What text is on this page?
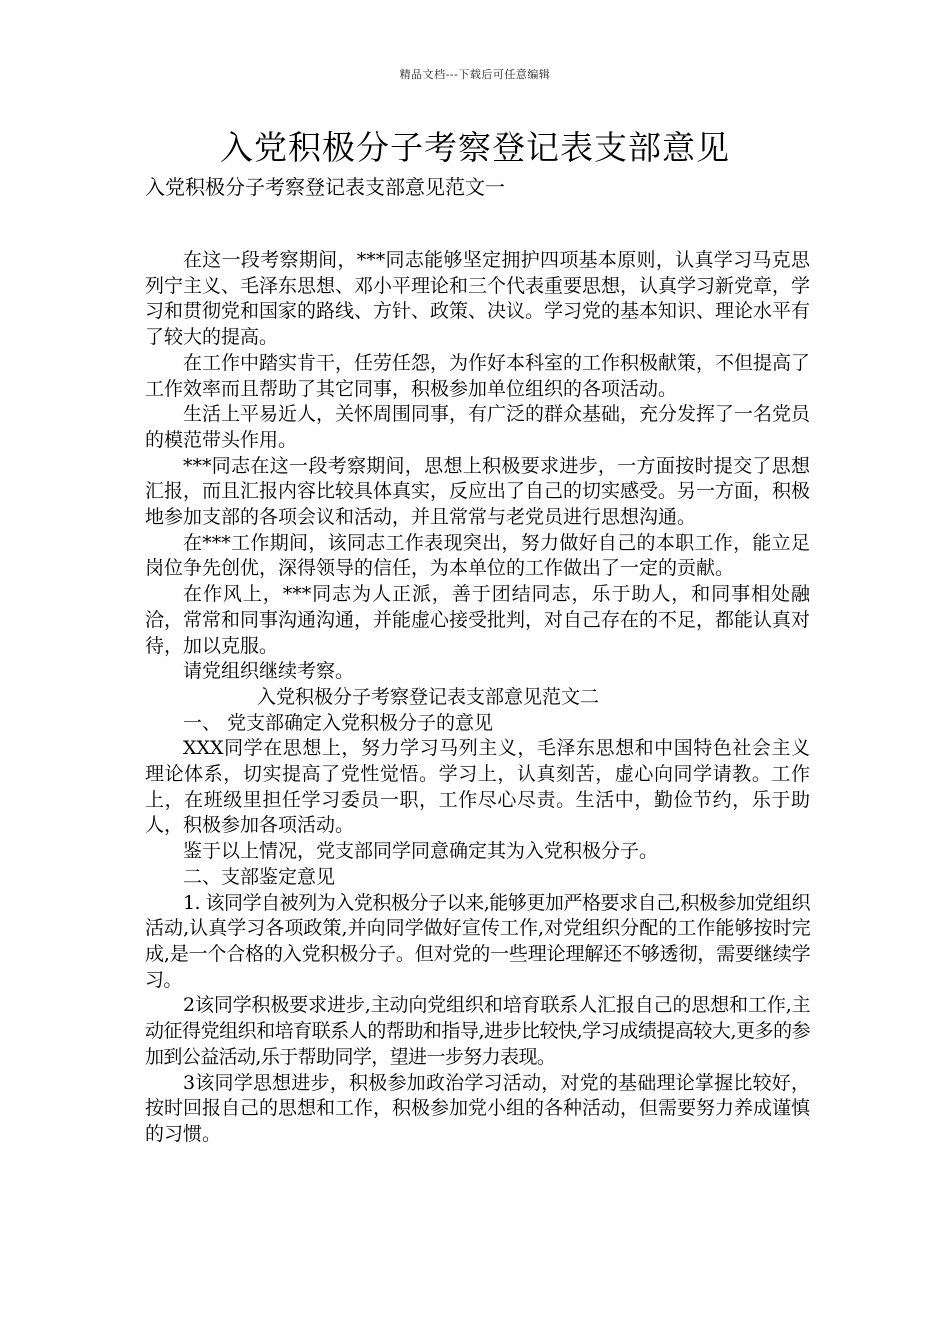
精品文档---下载后可任意编辑
入党积极分子考察登记表支部意见
入党积极分子考察登记表支部意见范文一

在这一段考察期间，***同志能够坚定拥护四项基本原则，认真学习马克思列宁主义、毛泽东思想、邓小平理论和三个代表重要思想，认真学习新党章，学习和贯彻党和国家的路线、方针、政策、决议。学习党的基本知识、理论水平有了较大的提高。

在工作中踏实肯干，任劳任怨，为作好本科室的工作积极献策，不但提高了工作效率而且帮助了其它同事，积极参加单位组织的各项活动。

生活上平易近人，关怀周围同事，有广泛的群众基础，充分发挥了一名党员的模范带头作用。

***同志在这一段考察期间，思想上积极要求进步，一方面按时提交了思想汇报，而且汇报内容比较具体真实，反应出了自己的切实感受。另一方面，积极地参加支部的各项会议和活动，并且常常与老党员进行思想沟通。

在***工作期间，该同志工作表现突出，努力做好自己的本职工作，能立足岗位争先创优，深得领导的信任，为本单位的工作做出了一定的贡献。

在作风上，***同志为人正派，善于团结同志，乐于助人，和同事相处融洽，常常和同事沟通沟通，并能虚心接受批判，对自己存在的不足，都能认真对待，加以克服。

请党组织继续考察。

入党积极分子考察登记表支部意见范文二

一、 党支部确定入党积极分子的意见

XXX同学在思想上，努力学习马列主义，毛泽东思想和中国特色社会主义理论体系，切实提高了党性觉悟。学习上，认真刻苦，虚心向同学请教。工作上，在班级里担任学习委员一职，工作尽心尽责。生活中，勤俭节约，乐于助人，积极参加各项活动。

鉴于以上情况，党支部同学同意确定其为入党积极分子。

二、支部鉴定意见

1. 该同学自被列为入党积极分子以来,能够更加严格要求自己,积极参加党组织活动,认真学习各项政策,并向同学做好宣传工作,对党组织分配的工作能够按时完成,是一个合格的入党积极分子。但对党的一些理论理解还不够透彻，需要继续学习。

2该同学积极要求进步,主动向党组织和培育联系人汇报自己的思想和工作,主动征得党组织和培育联系人的帮助和指导,进步比较快,学习成绩提高较大,更多的参加到公益活动,乐于帮助同学，望进一步努力表现。

3该同学思想进步，积极参加政治学习活动，对党的基础理论掌握比较好，按时回报自己的思想和工作，积极参加党小组的各种活动，但需要努力养成谨慎的习惯。
